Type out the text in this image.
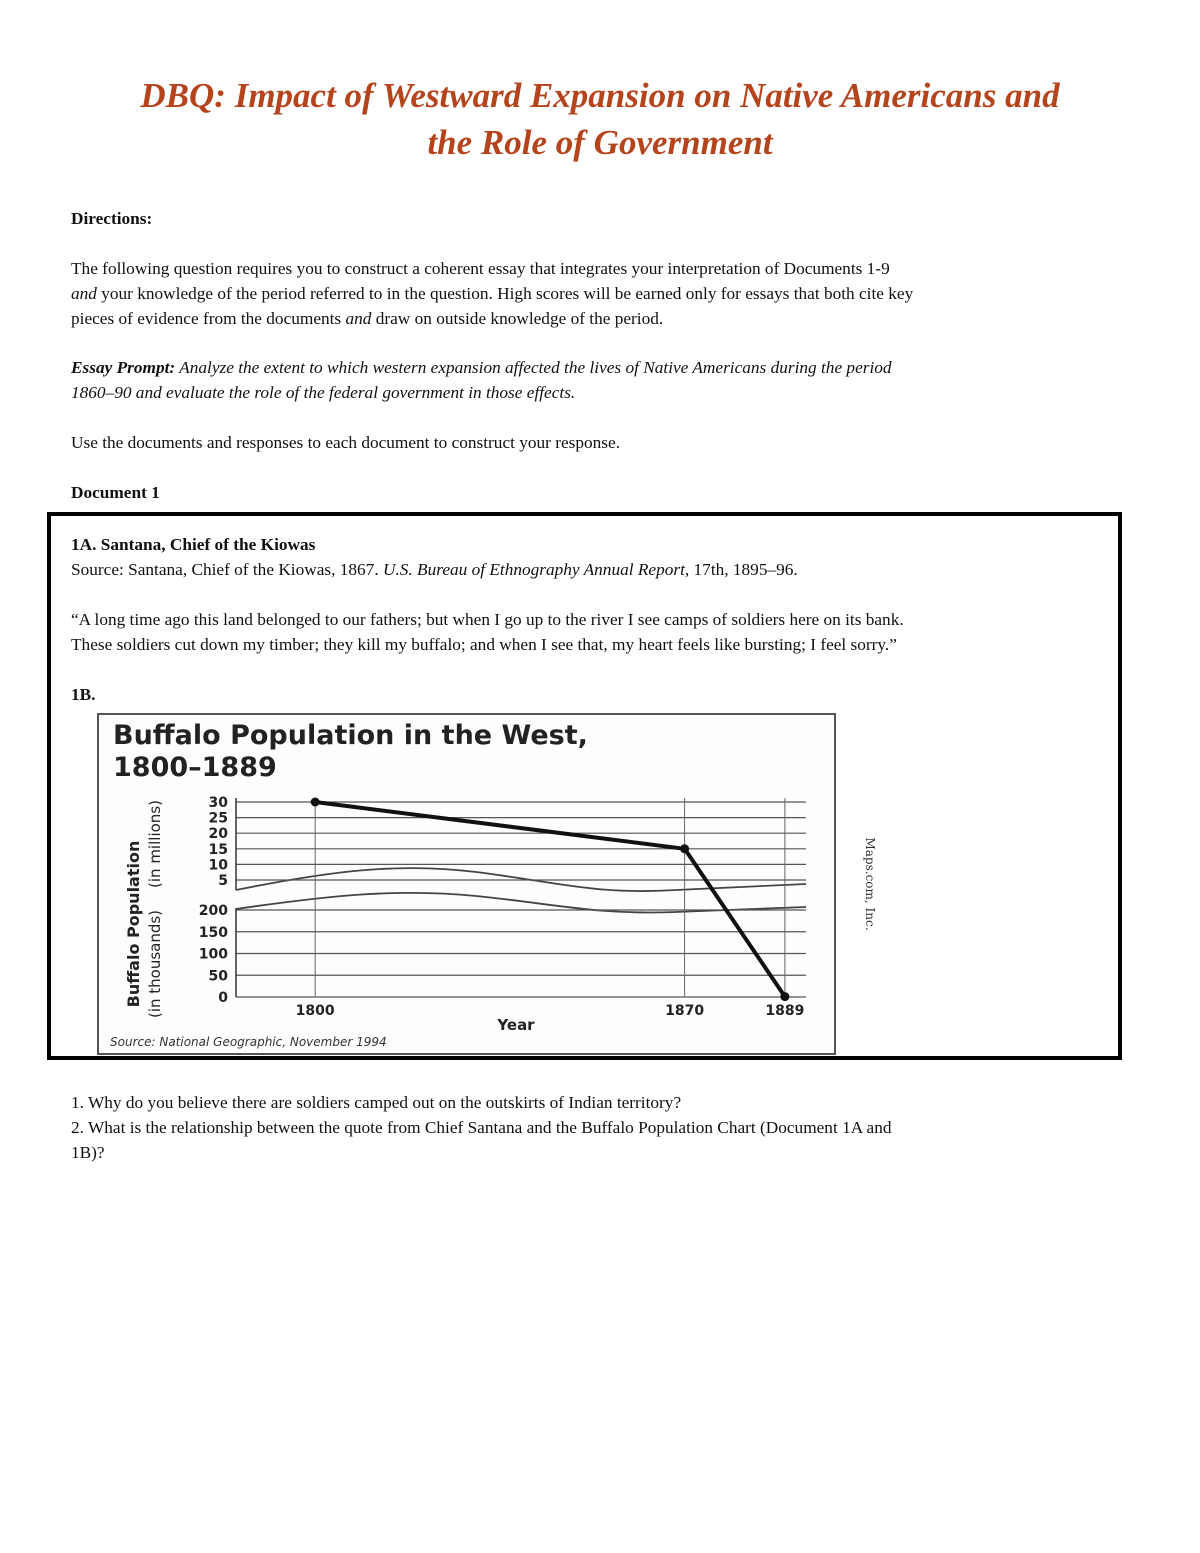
DBQ: Impact of Westward Expansion on Native Americans and
the Role of Government

Directions:

The following question requires you to construct a coherent essay that integrates your interpretation of Documents 1-9
and your knowledge of the period referred to in the question. High scores will be earned only for essays that both cite key
pieces of evidence from the documents and draw on outside knowledge of the period.
Essay Prompt: Analyze the extent to which western expansion affected the lives of Native Americans during the period
1860–90 and evaluate the role of the federal government in those effects.

Use the documents and responses to each document to construct your response.

Document 1

1A. Santana, Chief of the Kiowas

Source: Santana, Chief of the Kiowas, 1867. U.S. Bureau of Ethnography Annual Report, 17th, 1895–96.

“A long time ago this land belonged to our fathers; but when I go up to the river I see camps of soldiers here on its bank.
These soldiers cut down my timber; they kill my buffalo; and when I see that, my heart feels like bursting; I feel sorry.”

1B.

Buffalo Population in the West,
1800–1889
Buffalo Population (in millions)
(in thousands)
5
10
15
20
25
30
0
50
100
150
200
1800	1870	1889
Year
Source: National Geographic, November 1994
Maps.com, Inc.
1. Why do you believe there are soldiers camped out on the outskirts of Indian territory?
2. What is the relationship between the quote from Chief Santana and the Buffalo Population Chart (Document 1A and
1B)?
